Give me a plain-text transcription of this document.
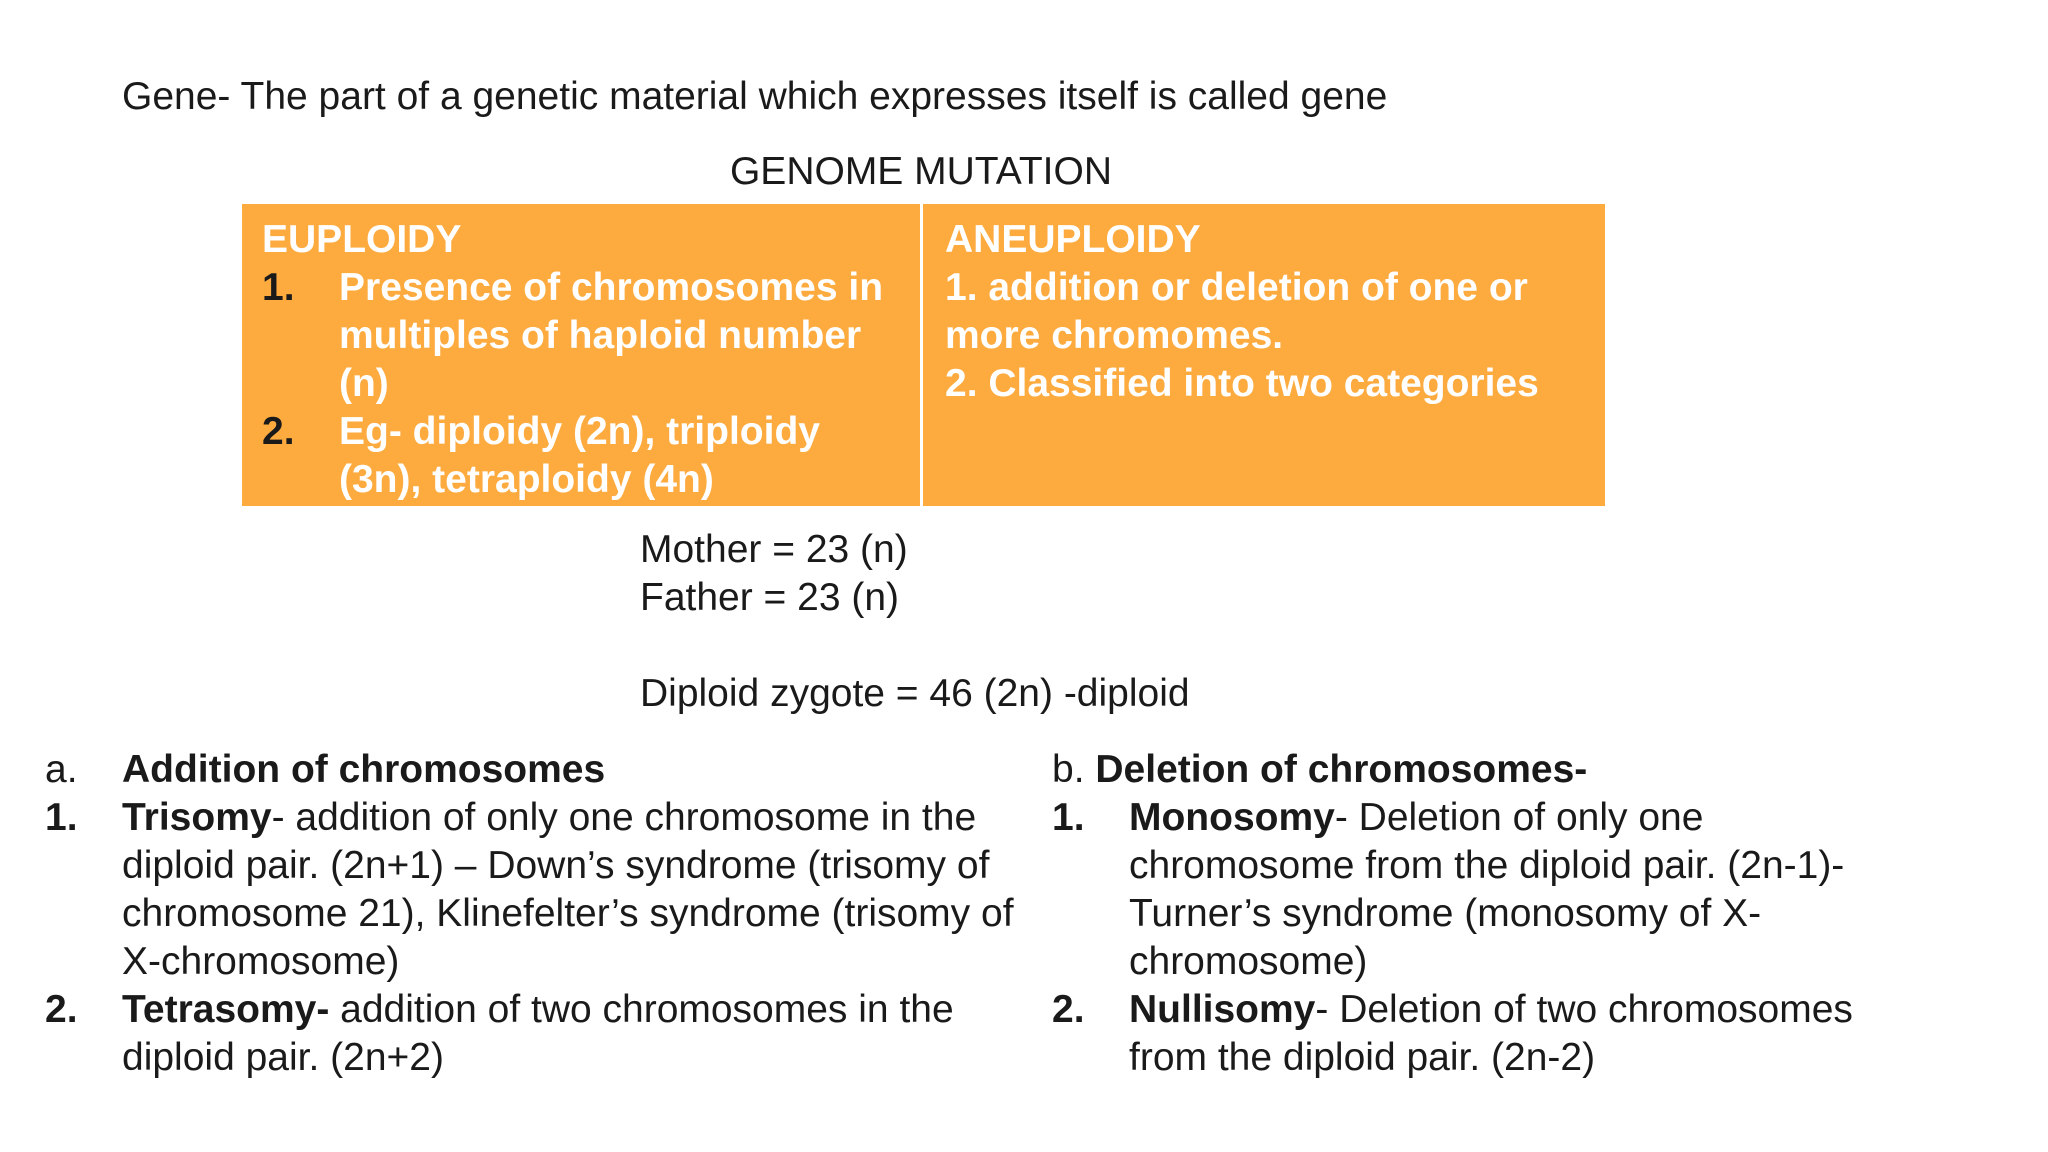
Gene- The part of a genetic material which expresses itself is called gene
GENOME MUTATION
EUPLOIDY
1.	Presence of chromosomes in multiples of haploid number (n)
2.	Eg- diploidy (2n), triploidy (3n), tetraploidy (4n)
ANEUPLOIDY
1. addition or deletion of one or more chromomes.
2. Classified into two categories
Mother = 23 (n)
Father = 23 (n)
Diploid zygote = 46 (2n) -diploid
a.	Addition of chromosomes
1.	Trisomy- addition of only one chromosome in the diploid pair. (2n+1) – Down’s syndrome (trisomy of chromosome 21), Klinefelter’s syndrome (trisomy of X-chromosome)
2.	Tetrasomy- addition of two chromosomes in the diploid pair. (2n+2)
b. Deletion of chromosomes-
1.	Monosomy- Deletion of only one chromosome from the diploid pair. (2n-1)- Turner’s syndrome (monosomy of X-chromosome)
2.	Nullisomy- Deletion of two chromosomes from the diploid pair. (2n-2)
